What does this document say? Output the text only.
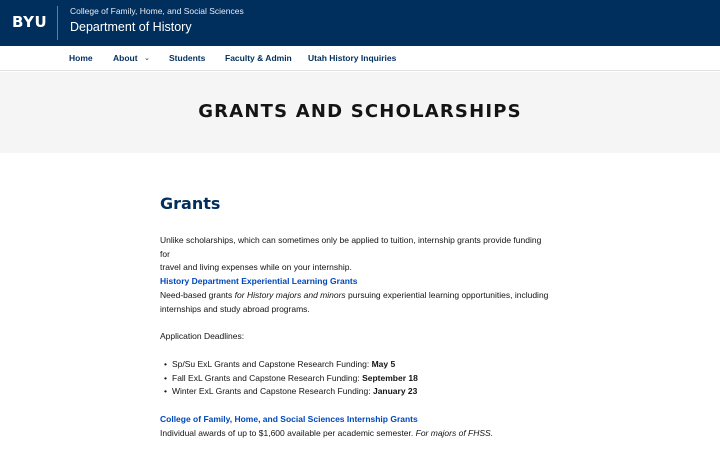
BYU
College of Family, Home, and Social Sciences
Department of History
Home About ⌄ Students Faculty & Admin Utah History Inquiries
GRANTS AND SCHOLARSHIPS
Grants
Unlike scholarships, which can sometimes only be applied to tuition, internship grants provide funding for
travel and living expenses while on your internship.
History Department Experiential Learning Grants
Need-based grants for History majors and minors pursuing experiential learning opportunities, including
internships and study abroad programs.
Application Deadlines:
• Sp/Su ExL Grants and Capstone Research Funding: May 5
• Fall ExL Grants and Capstone Research Funding: September 18
• Winter ExL Grants and Capstone Research Funding: January 23
College of Family, Home, and Social Sciences Internship Grants
Individual awards of up to $1,600 available per academic semester. For majors of FHSS.
